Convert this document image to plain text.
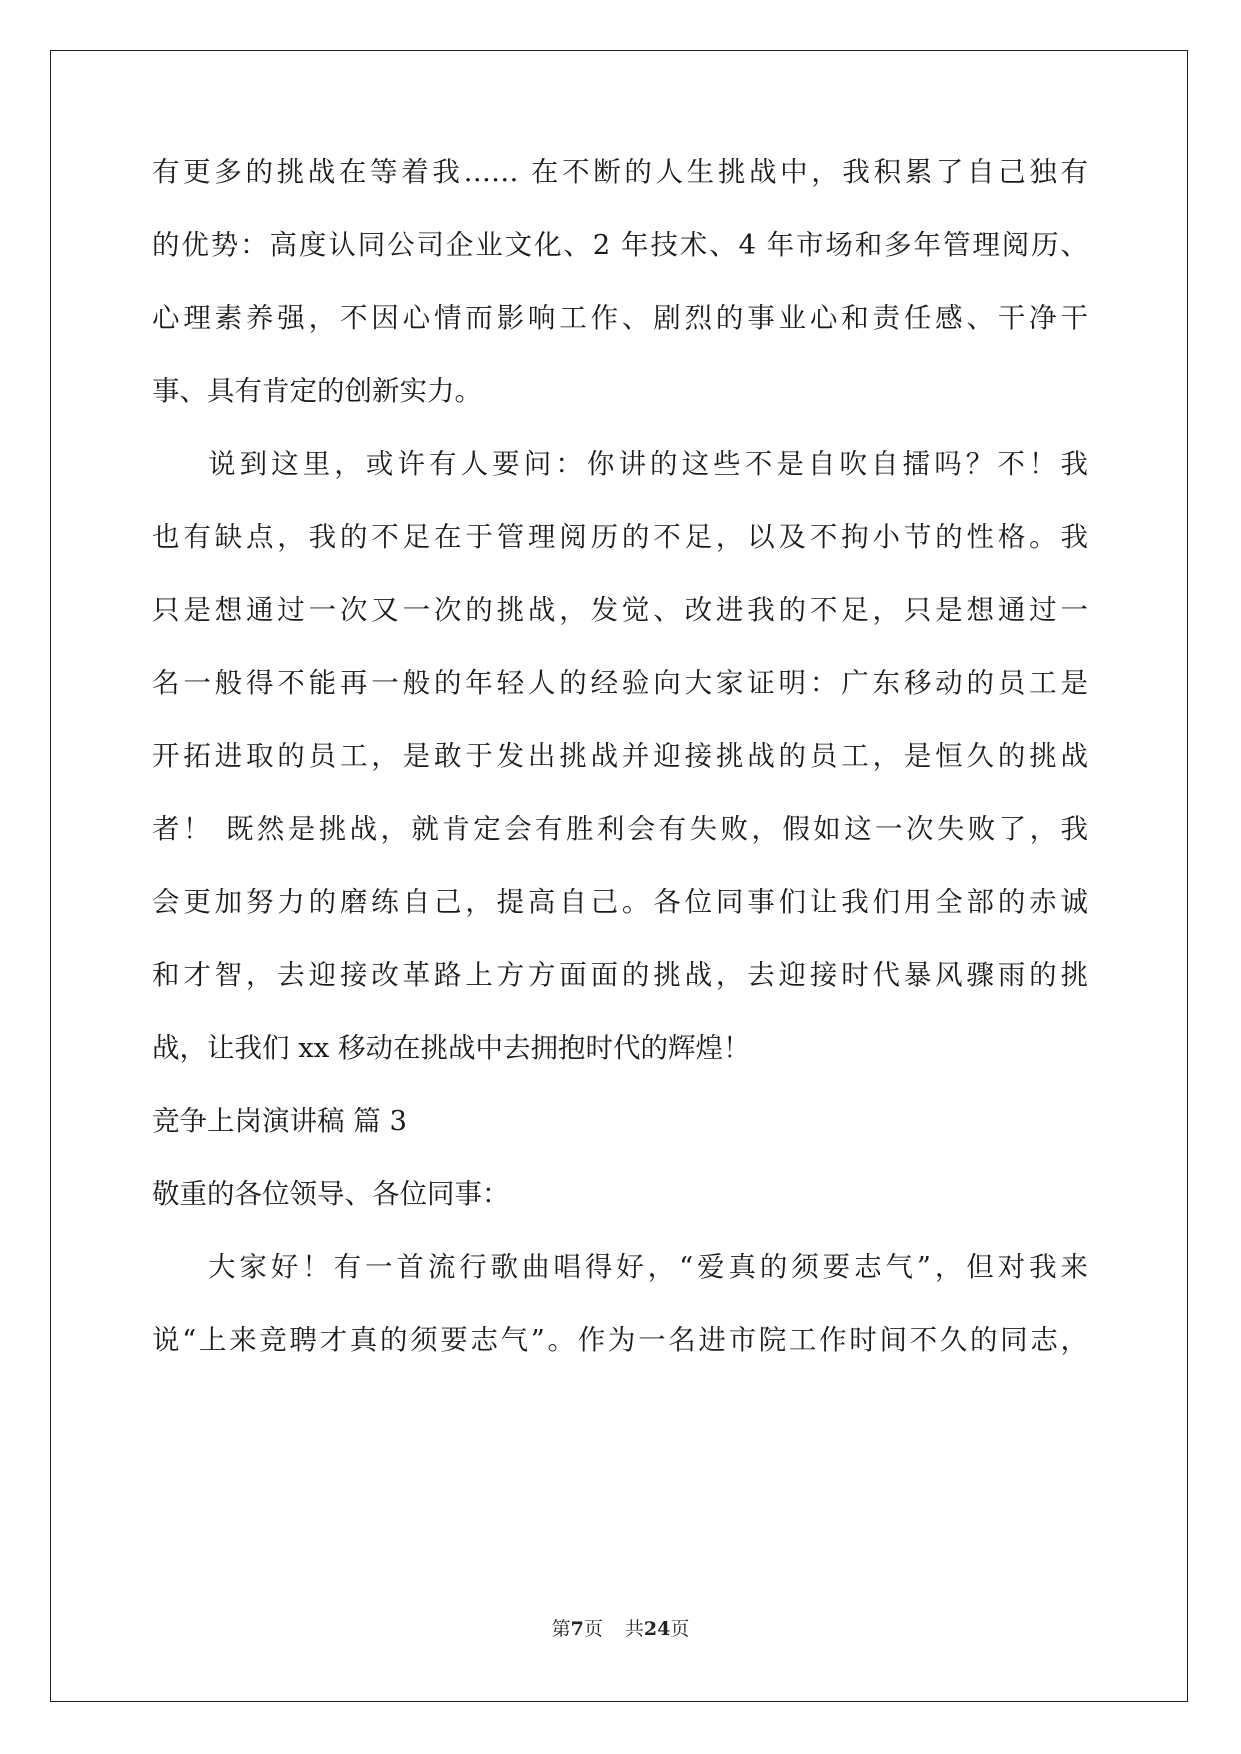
有更多的挑战在等着我…… 在不断的人生挑战中，我积累了自己独有
的优势：高度认同公司企业文化、2 年技术、4 年市场和多年管理阅历、
心理素养强，不因心情而影响工作、剧烈的事业心和责任感、干净干
事、具有肯定的创新实力。
说到这里，或许有人要问：你讲的这些不是自吹自擂吗？不！我
也有缺点，我的不足在于管理阅历的不足，以及不拘小节的性格。我
只是想通过一次又一次的挑战，发觉、改进我的不足，只是想通过一
名一般得不能再一般的年轻人的经验向大家证明：广东移动的员工是
开拓进取的员工，是敢于发出挑战并迎接挑战的员工，是恒久的挑战
者！ 既然是挑战，就肯定会有胜利会有失败，假如这一次失败了，我
会更加努力的磨练自己，提高自己。各位同事们让我们用全部的赤诚
和才智，去迎接改革路上方方面面的挑战，去迎接时代暴风骤雨的挑
战，让我们 xx 移动在挑战中去拥抱时代的辉煌！
竞争上岗演讲稿 篇 3
敬重的各位领导、各位同事：
大家好！有一首流行歌曲唱得好，“爱真的须要志气”，但对我来
说“上来竞聘才真的须要志气”。作为一名进市院工作时间不久的同志，
第7页 共24页
